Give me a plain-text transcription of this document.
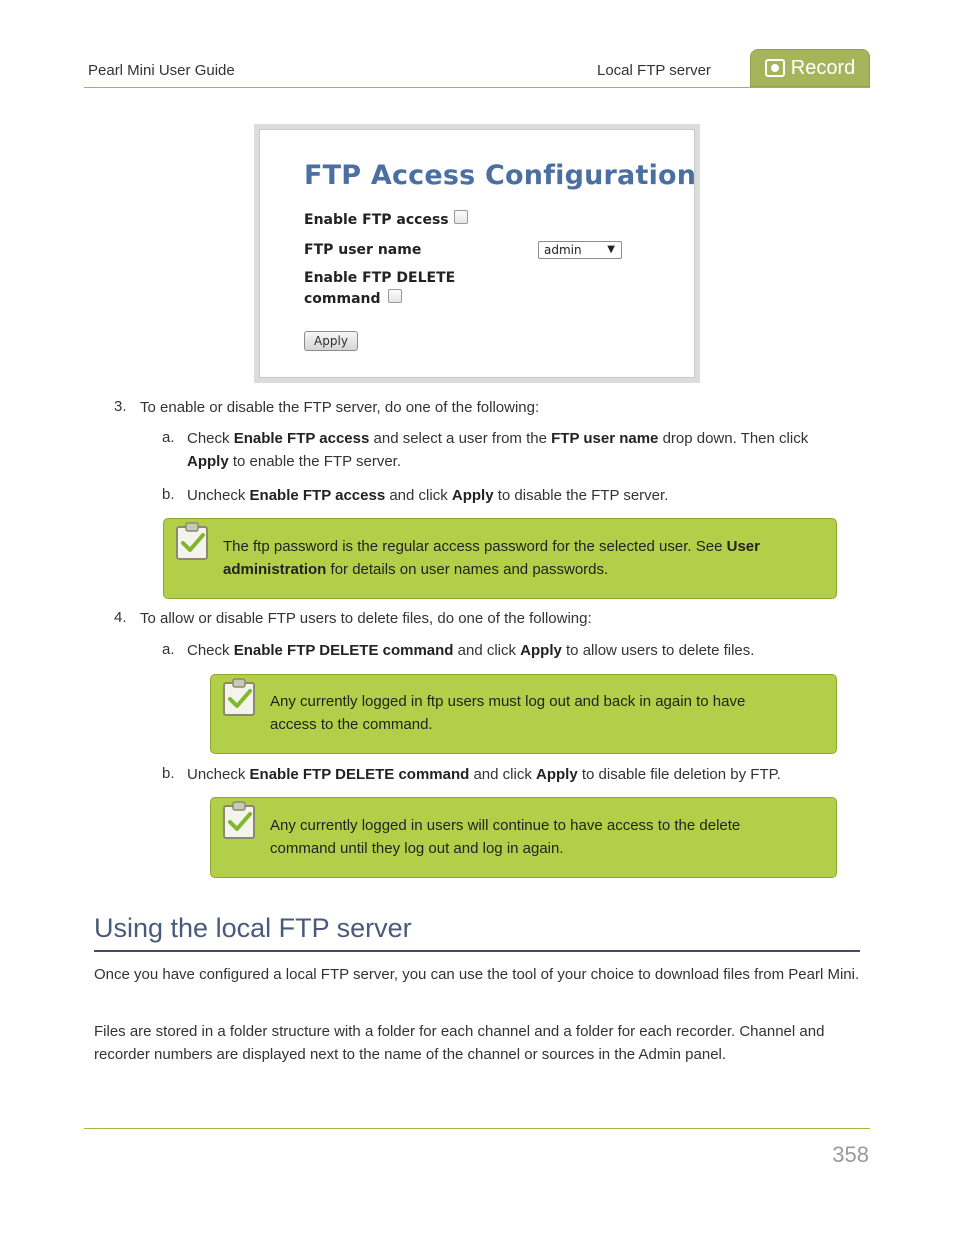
Pearl Mini User Guide	Local FTP server	Record
FTP Access Configuration
Enable FTP access
FTP user name	admin	▼
Enable FTP DELETE
command
Apply
3. To enable or disable the FTP server, do one of the following:
a. Check Enable FTP access and select a user from the FTP user name drop down. Then click Apply to enable the FTP server.
b. Uncheck Enable FTP access and click Apply to disable the FTP server.
The ftp password is the regular access password for the selected user. See User administration for details on user names and passwords.
4. To allow or disable FTP users to delete files, do one of the following:
a. Check Enable FTP DELETE command and click Apply to allow users to delete files.
Any currently logged in ftp users must log out and back in again to have
access to the command.
b. Uncheck Enable FTP DELETE command and click Apply to disable file deletion by FTP.
Any currently logged in users will continue to have access to the delete
command until they log out and log in again.
Using the local FTP server
Once you have configured a local FTP server, you can use the tool of your choice to download files from Pearl Mini.
Files are stored in a folder structure with a folder for each channel and a folder for each recorder. Channel and recorder numbers are displayed next to the name of the channel or sources in the Admin panel.
358
